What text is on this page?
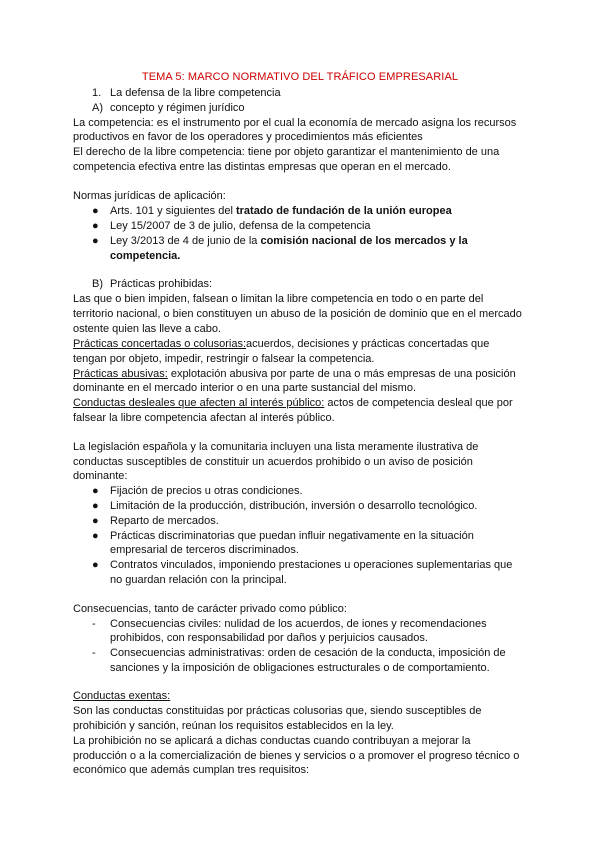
TEMA 5: MARCO NORMATIVO DEL TRÁFICO EMPRESARIAL
1. La defensa de la libre competencia
A) concepto y régimen jurídico
La competencia: es el instrumento por el cual la economía de mercado asigna los recursos
productivos en favor de los operadores y procedimientos más eficientes
El derecho de la libre competencia: tiene por objeto garantizar el mantenimiento de una
competencia efectiva entre las distintas empresas que operan en el mercado.
Normas jurídicas de aplicación:
● Arts. 101 y siguientes del tratado de fundación de la unión europea
● Ley 15/2007 de 3 de julio, defensa de la competencia
● Ley 3/2013 de 4 de junio de la comisión nacional de los mercados y la
competencia.
B) Prácticas prohibidas:
Las que o bien impiden, falsean o limitan la libre competencia en todo o en parte del
territorio nacional, o bien constituyen un abuso de la posición de dominio que en el mercado
ostente quien las lleve a cabo.
Prácticas concertadas o colusorias:acuerdos, decisiones y prácticas concertadas que
tengan por objeto, impedir, restringir o falsear la competencia.
Prácticas abusivas: explotación abusiva por parte de una o más empresas de una posición
dominante en el mercado interior o en una parte sustancial del mismo.
Conductas desleales que afecten al interés público: actos de competencia desleal que por
falsear la libre competencia afectan al interés público.
La legislación española y la comunitaria incluyen una lista meramente ilustrativa de
conductas susceptibles de constituir un acuerdos prohibido o un aviso de posición
dominante:
● Fijación de precios u otras condiciones.
● Limitación de la producción, distribución, inversión o desarrollo tecnológico.
● Reparto de mercados.
● Prácticas discriminatorias que puedan influir negativamente en la situación
empresarial de terceros discriminados.
● Contratos vinculados, imponiendo prestaciones u operaciones suplementarias que
no guardan relación con la principal.
Consecuencias, tanto de carácter privado como público:
- Consecuencias civiles: nulidad de los acuerdos, de iones y recomendaciones
prohibidos, con responsabilidad por daños y perjuicios causados.
- Consecuencias administrativas: orden de cesación de la conducta, imposición de
sanciones y la imposición de obligaciones estructurales o de comportamiento.
Conductas exentas:
Son las conductas constituidas por prácticas colusorias que, siendo susceptibles de
prohibición y sanción, reúnan los requisitos establecidos en la ley.
La prohibición no se aplicará a dichas conductas cuando contribuyan a mejorar la
producción o a la comercialización de bienes y servicios o a promover el progreso técnico o
económico que además cumplan tres requisitos:
